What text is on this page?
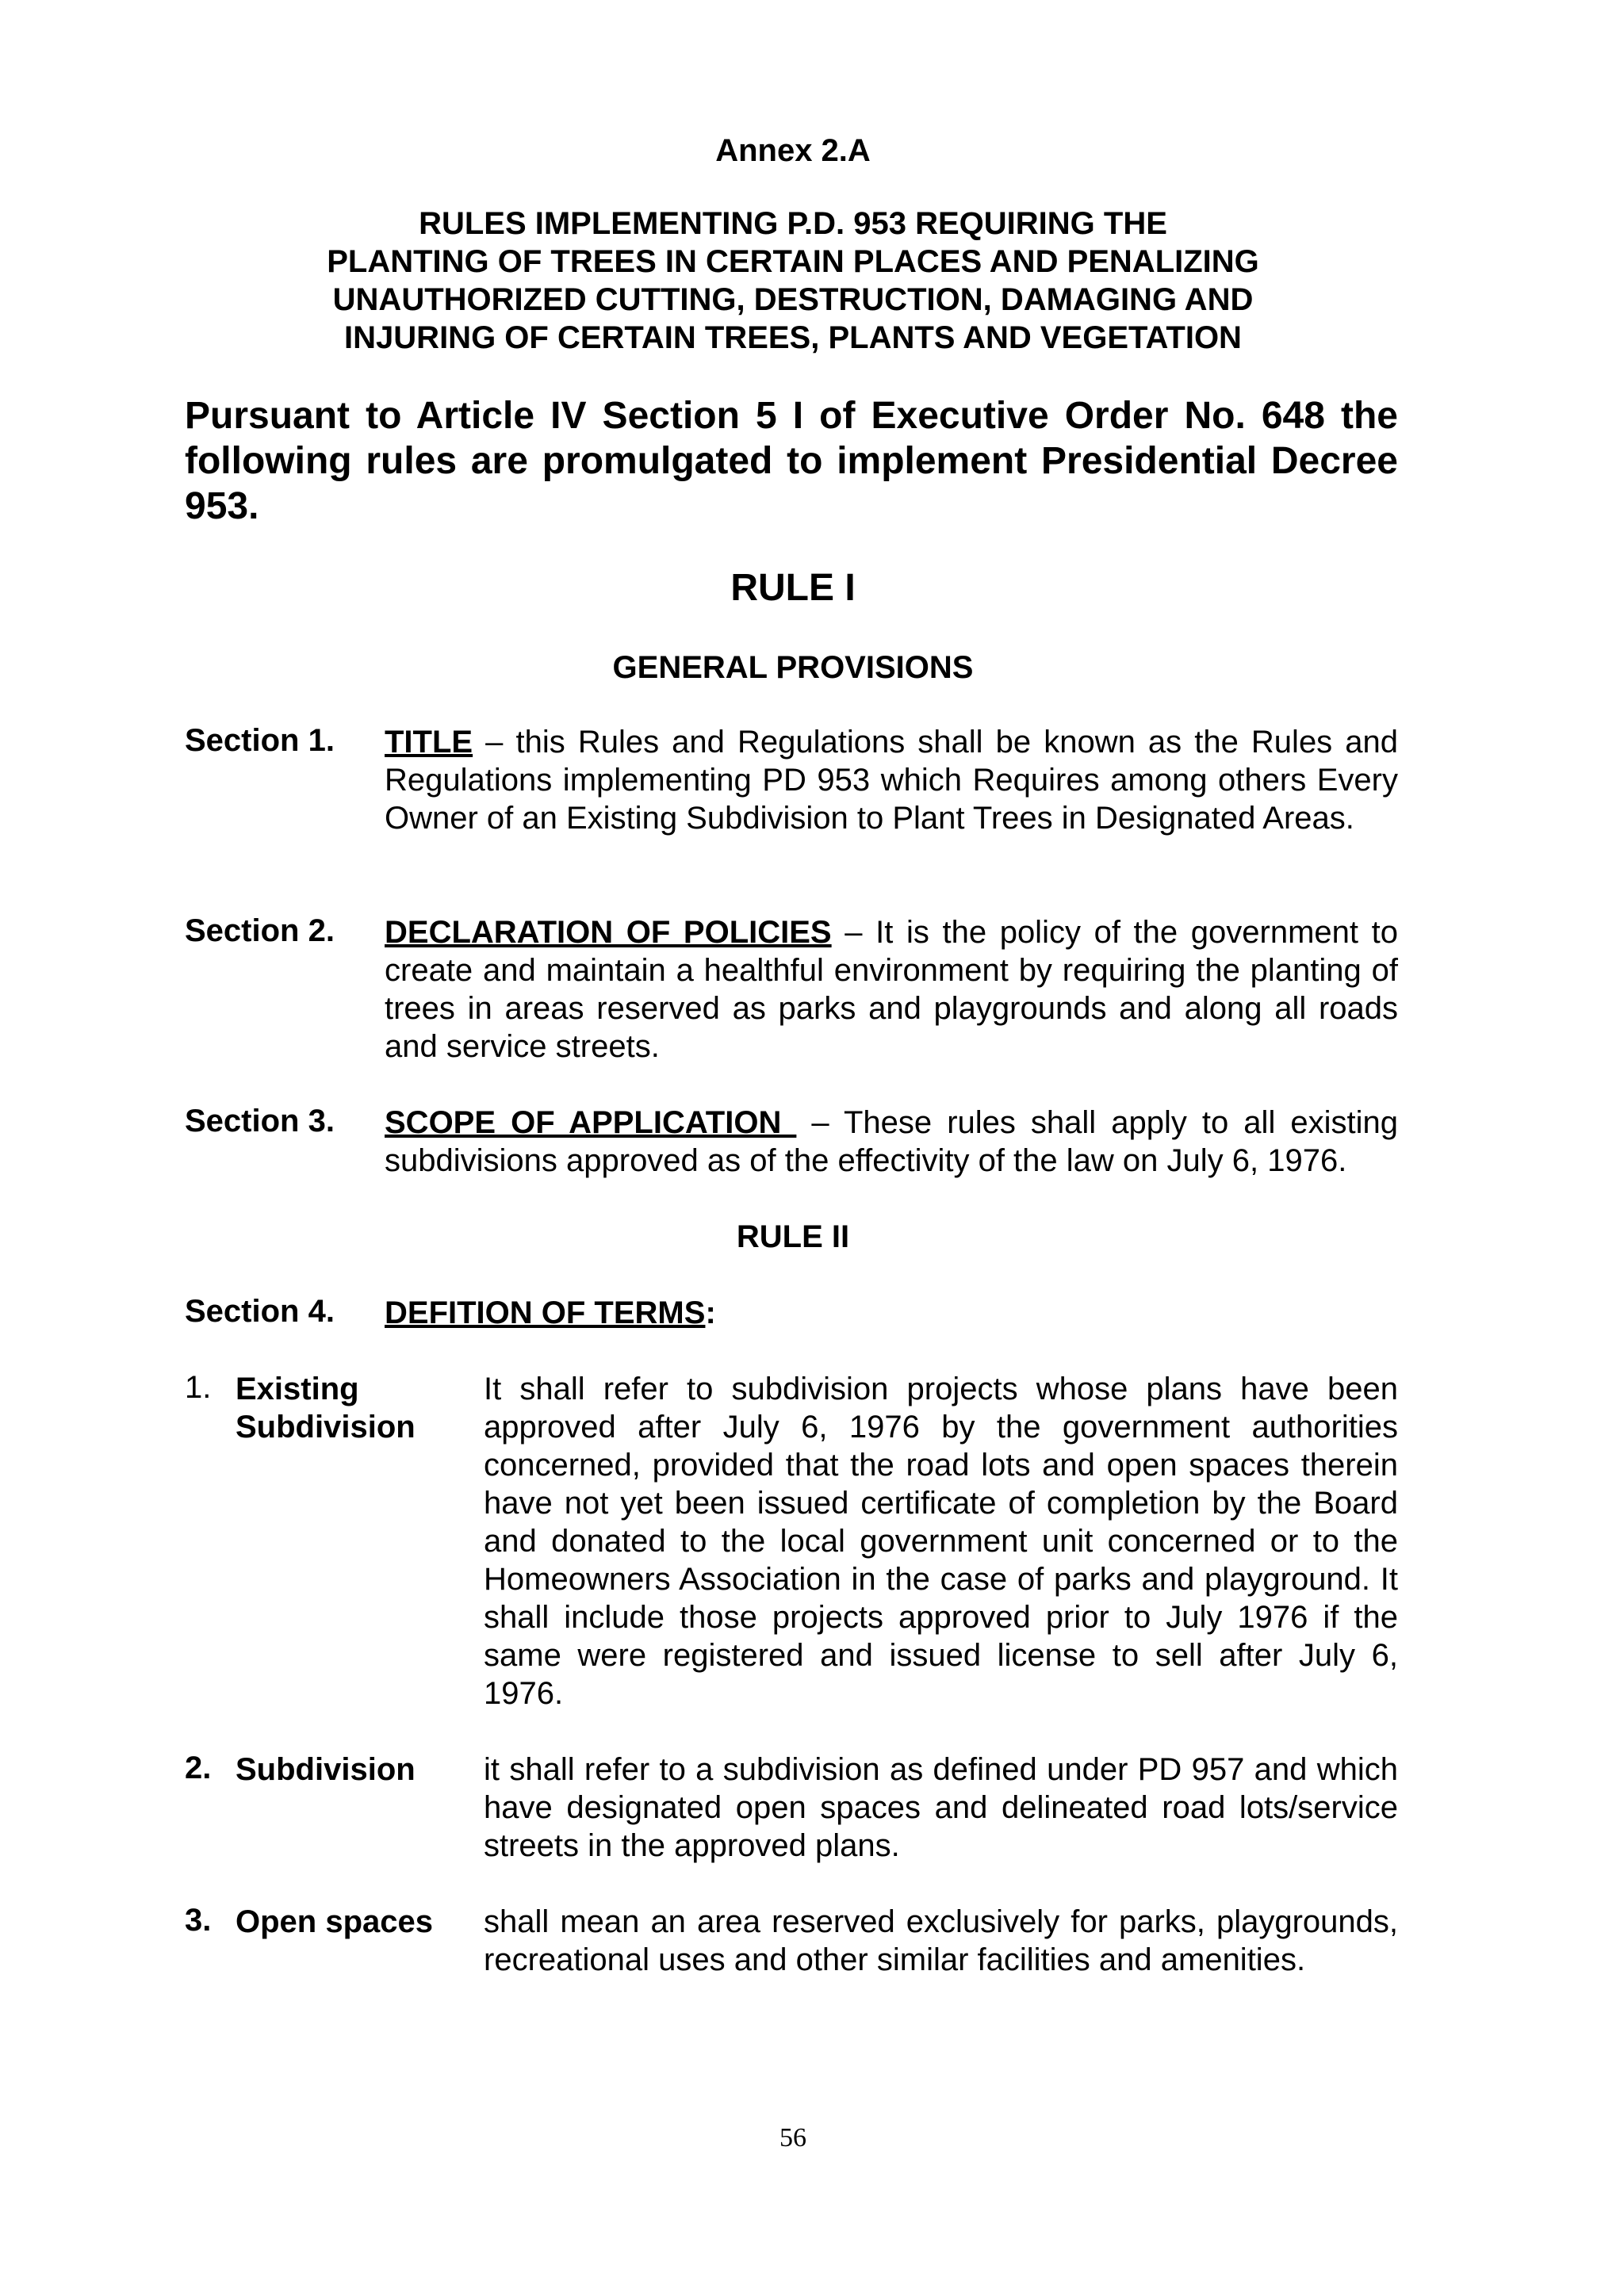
Annex 2.A
RULES IMPLEMENTING P.D. 953 REQUIRING THE
PLANTING OF TREES IN CERTAIN PLACES AND PENALIZING
UNAUTHORIZED CUTTING, DESTRUCTION, DAMAGING AND
INJURING OF CERTAIN TREES, PLANTS AND VEGETATION
Pursuant to Article IV Section 5 I of Executive Order No. 648 the following rules are promulgated to implement Presidential Decree 953.
RULE I
GENERAL PROVISIONS
Section 1. TITLE – this Rules and Regulations shall be known as the Rules and Regulations implementing PD 953 which Requires among others Every Owner of an Existing Subdivision to Plant Trees in Designated Areas.
Section 2. DECLARATION OF POLICIES – It is the policy of the government to create and maintain a healthful environment by requiring the planting of trees in areas reserved as parks and playgrounds and along all roads and service streets.
Section 3. SCOPE OF APPLICATION  – These rules shall apply to all existing subdivisions approved as of the effectivity of the law on July 6, 1976.
RULE II
Section 4. DEFITION OF TERMS:
1. Existing
Subdivision
It shall refer to subdivision projects whose plans have been approved after July 6, 1976 by the government authorities concerned, provided that the road lots and open spaces therein have not yet been issued certificate of completion by the Board and donated to the local government unit concerned or to the Homeowners Association in the case of parks and playground. It shall include those projects approved prior to July 1976 if the same were registered and issued license to sell after July 6, 1976.
2. Subdivision it shall refer to a subdivision as defined under PD 957 and which have designated open spaces and delineated road lots/service streets in the approved plans.
3. Open spaces shall mean an area reserved exclusively for parks, playgrounds, recreational uses and other similar facilities and amenities.
56
